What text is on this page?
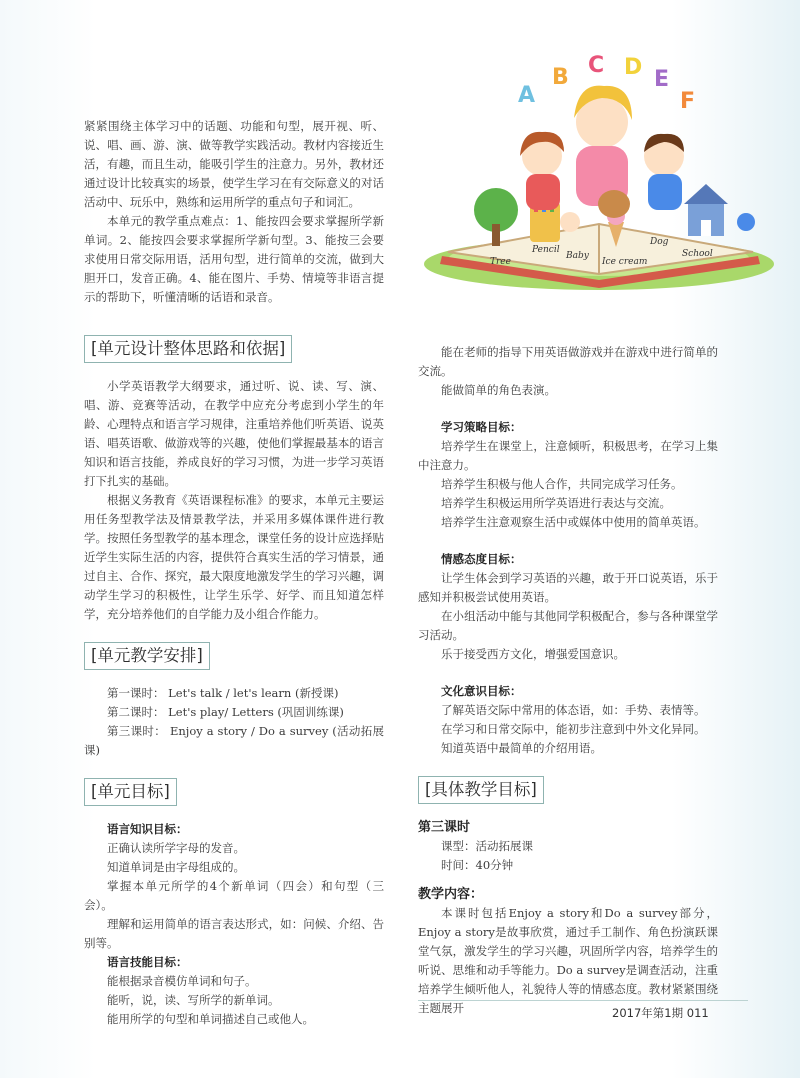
紧紧围绕主体学习中的话题、功能和句型，展开视、听、说、唱、画、游、演、做等教学实践活动。教材内容接近生活，有趣，而且生动，能吸引学生的注意力。另外，教材还通过设计比较真实的场景，使学生学习在有交际意义的对话活动中、玩乐中，熟练和运用所学的重点句子和词汇。

本单元的教学重点难点：1、能按四会要求掌握所学新单词。2、能按四会要求掌握所学新句型。3、能按三会要求使用日常交际用语，活用句型，进行简单的交流，做到大胆开口，发音正确。4、能在图片、手势、情境等非语言提示的帮助下，听懂清晰的话语和录音。

[单元设计整体思路和依据]

小学英语教学大纲要求，通过听、说、读、写、演、唱、游、竞赛等活动，在教学中应充分考虑到小学生的年龄、心理特点和语言学习规律，注重培养他们听英语、说英语、唱英语歌、做游戏等的兴趣，使他们掌握最基本的语言知识和语言技能，养成良好的学习习惯，为进一步学习英语打下扎实的基础。

根据义务教育《英语课程标准》的要求，本单元主要运用任务型教学法及情景教学法，并采用多媒体课件进行教学。按照任务型教学的基本理念，课堂任务的设计应选择贴近学生实际生活的内容，提供符合真实生活的学习情景，通过自主、合作、探究，最大限度地激发学生的学习兴趣，调动学生学习的积极性，让学生乐学、好学、而且知道怎样学，充分培养他们的自学能力及小组合作能力。

[单元教学安排]

第一课时： Let's talk / let's learn (新授课)

第二课时： Let's play/ Letters (巩固训练课)

第三课时： Enjoy a story / Do a survey (活动拓展课)

[单元目标]

语言知识目标：

正确认读所学字母的发音。

知道单词是由字母组成的。

掌握本单元所学的4个新单词（四会）和句型（三会）。

理解和运用简单的语言表达形式，如：问候、介绍、告别等。

语言技能目标：

能根据录音模仿单词和句子。

能听，说，读、写所学的新单词。

能用所学的句型和单词描述自己或他人。

A
B C D E
F
Tree
Pencil
Baby
Ice cream
Dog
School

能在老师的指导下用英语做游戏并在游戏中进行简单的交流。

能做简单的角色表演。

学习策略目标：

培养学生在课堂上，注意倾听，积极思考，在学习上集中注意力。

培养学生积极与他人合作，共同完成学习任务。

培养学生积极运用所学英语进行表达与交流。

培养学生注意观察生活中或媒体中使用的简单英语。

情感态度目标：

让学生体会到学习英语的兴趣，敢于开口说英语，乐于感知并积极尝试使用英语。

在小组活动中能与其他同学积极配合，参与各种课堂学习活动。

乐于接受西方文化，增强爱国意识。

文化意识目标：

了解英语交际中常用的体态语，如：手势、表情等。

在学习和日常交际中，能初步注意到中外文化异同。

知道英语中最简单的介绍用语。

[具体教学目标]

第三课时

课型：活动拓展课

时间：40分钟

教学内容：

本课时包括Enjoy a story和Do a survey部分，Enjoy a story是故事欣赏，通过手工制作、角色扮演跃课堂气氛，激发学生的学习兴趣，巩固所学内容，培养学生的听说、思维和动手等能力。Do a survey是调查活动，注重培养学生倾听他人，礼貌待人等的情感态度。教材紧紧围绕主题展开	2017年第1期 011
